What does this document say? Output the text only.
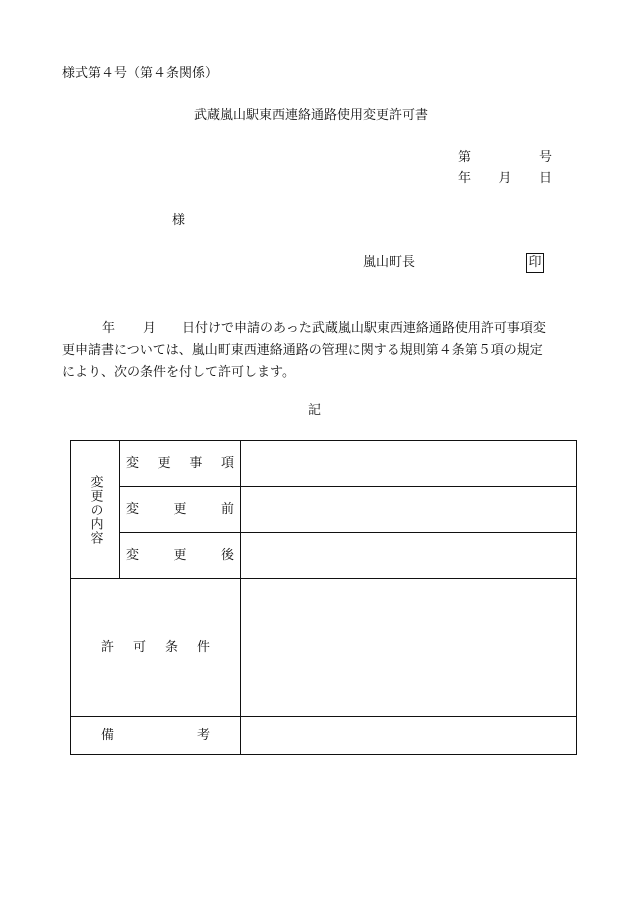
様式第４号（第４条関係）
武蔵嵐山駅東西連絡通路使用変更許可書
第	号
年 月 日
様
嵐山町長	印

年 月 日付けで申請のあった武蔵嵐山駅東西連絡通路使用許可事項変

更申請書については、嵐山町東西連絡通路の管理に関する規則第４条第５項の規定

により、次の条件を付して許可します。

記
変更の内容	変 更 事 項	

	変 更 前	

	変 更 後	

許 可 条 件		

備 考		
